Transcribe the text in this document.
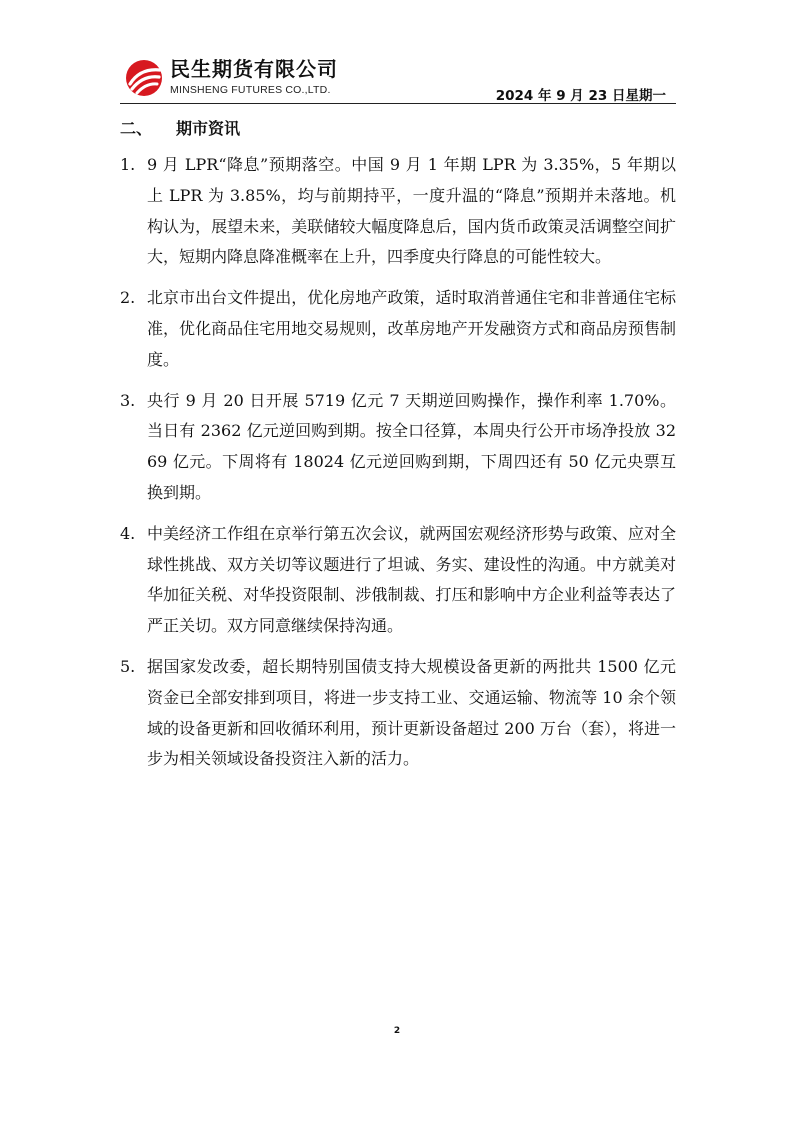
民生期货有限公司
MINSHENG FUTURES CO.,LTD.	2024 年 9 月 23 日星期一
二、 期市资讯
1. 9 月 LPR“降息”预期落空。中国 9 月 1 年期 LPR 为 3.35%，5 年期以上 LPR 为 3.85%，均与前期持平，一度升温的“降息”预期并未落地。机构认为，展望未来，美联储较大幅度降息后，国内货币政策灵活调整空间扩大，短期内降息降准概率在上升，四季度央行降息的可能性较大。
2. 北京市出台文件提出，优化房地产政策，适时取消普通住宅和非普通住宅标准，优化商品住宅用地交易规则，改革房地产开发融资方式和商品房预售制度。
3. 央行 9 月 20 日开展 5719 亿元 7 天期逆回购操作，操作利率 1.70%。当日有 2362 亿元逆回购到期。按全口径算，本周央行公开市场净投放 3269 亿元。下周将有 18024 亿元逆回购到期，下周四还有 50 亿元央票互换到期。
4. 中美经济工作组在京举行第五次会议，就两国宏观经济形势与政策、应对全球性挑战、双方关切等议题进行了坦诚、务实、建设性的沟通。中方就美对华加征关税、对华投资限制、涉俄制裁、打压和影响中方企业利益等表达了严正关切。双方同意继续保持沟通。
5. 据国家发改委，超长期特别国债支持大规模设备更新的两批共 1500 亿元资金已全部安排到项目，将进一步支持工业、交通运输、物流等 10 余个领域的设备更新和回收循环利用，预计更新设备超过 200 万台（套），将进一步为相关领域设备投资注入新的活力。
2
